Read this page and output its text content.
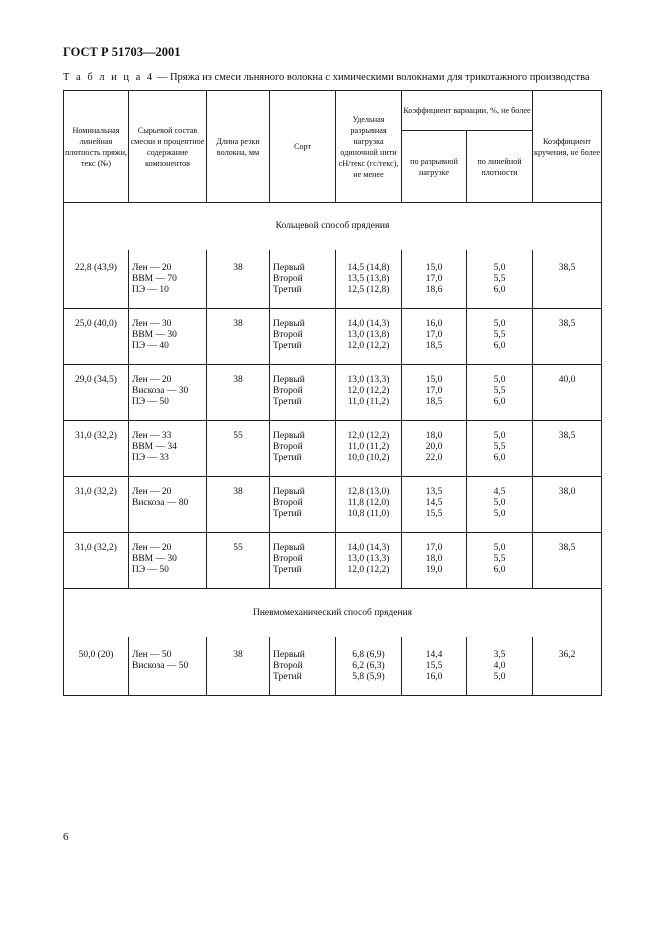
ГОСТ Р 51703—2001
Т а б л и ц а 4 — Пряжа из смеси льняного волокна с химическими волокнами для трикотажного производства
Номинальная линейная плотность пряжи, текс (№)	Сырьевой состав смески и процентное содержание компонентов	Длина резки волокна, мм	Сорт	Удельная разрывная нагрузка одиночной нити сН/текс (гс/текс), не менее	Коэффициент вариации, %, не более		Коэффициент кручения, не более
					по разрывной нагрузке	по линейной плотности	
Кольцевой способ прядения							
22,8 (43,9)	Лен — 20
ВВМ — 70
ПЭ — 10	38	Первый
Второй
Третий	14,5 (14,8)
13,5 (13,8)
12,5 (12,8)	15,0
17,0
18,6	5,0
5,5
6,0	38,5
25,0 (40,0)	Лен — 30
ВВМ — 30
ПЭ — 40	38	Первый
Второй
Третий	14,0 (14,3)
13,0 (13,8)
12,0 (12,2)	16,0
17,0
18,5	5,0
5,5
6,0	38,5
29,0 (34,5)	Лен — 20
Вискоза — 30
ПЭ — 50	38	Первый
Второй
Третий	13,0 (13,3)
12,0 (12,2)
11,0 (11,2)	15,0
17,0
18,5	5,0
5,5
6,0	40,0
31,0 (32,2)	Лен — 33
ВВМ — 34
ПЭ — 33	55	Первый
Второй
Третий	12,0 (12,2)
11,0 (11,2)
10,0 (10,2)	18,0
20,0
22,0	5,0
5,5
6,0	38,5
31,0 (32,2)	Лен — 20
Вискоза — 80	38	Первый
Второй
Третий	12,8 (13,0)
11,8 (12,0)
10,8 (11,0)	13,5
14,5
15,5	4,5
5,0
5,0	38,0
31,0 (32,2)	Лен — 20
ВВМ — 30
ПЭ — 50	55	Первый
Второй
Третий	14,0 (14,3)
13,0 (13,3)
12,0 (12,2)	17,0
18,0
19,0	5,0
5,5
6,0	38,5
Пневмомеханический способ прядения							
50,0 (20)	Лен — 50
Вискоза — 50	38	Первый
Второй
Третий	6,8 (6,9)
6,2 (6,3)
5,8 (5,9)	14,4
15,5
16,0	3,5
4,0
5,0	36,2
6
